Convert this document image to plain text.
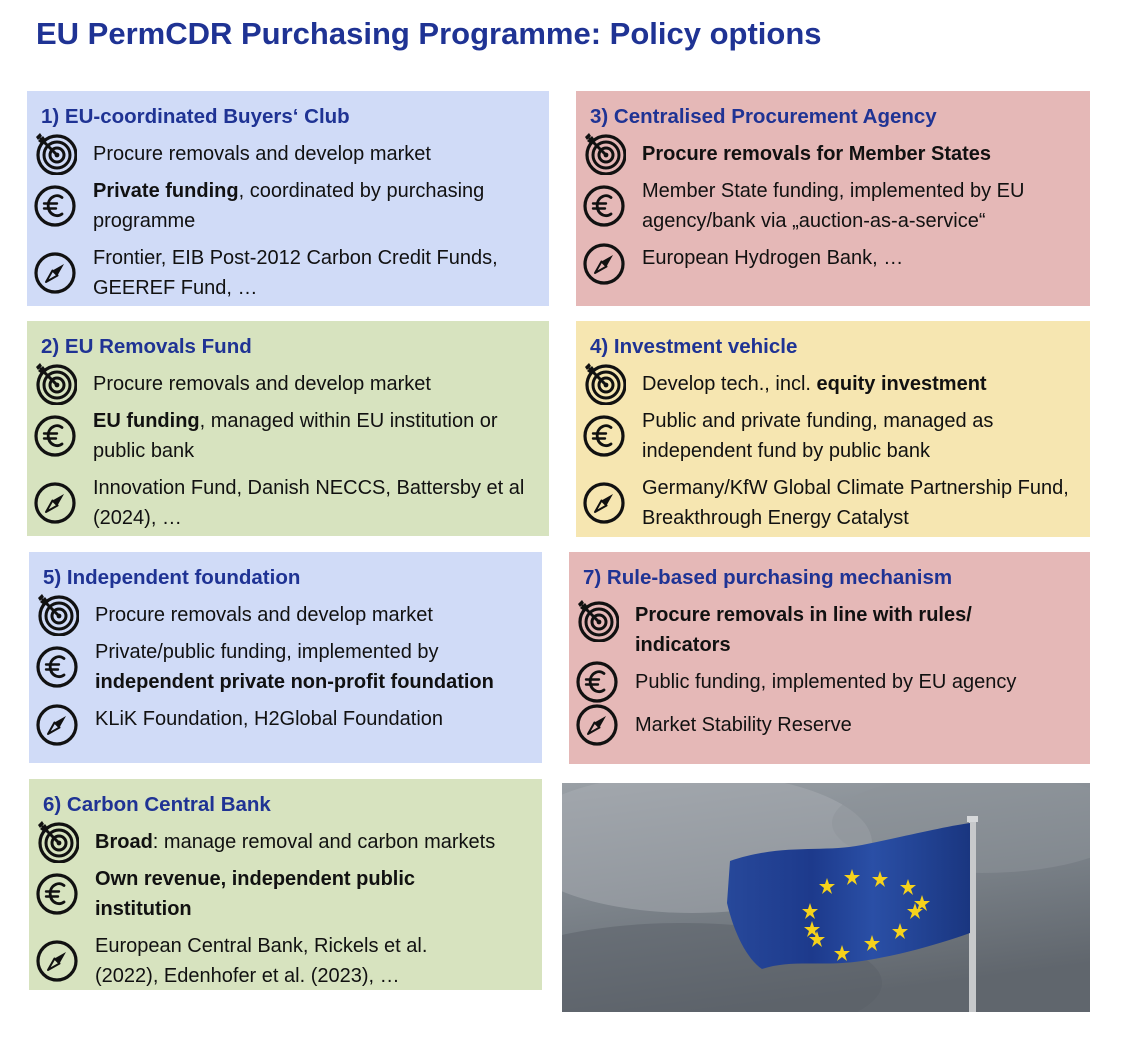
EU PermCDR Purchasing Programme: Policy options
1) EU-coordinated Buyers‘ Club
Procure removals and develop market
Private funding, coordinated by purchasing programme
Frontier, EIB Post-2012 Carbon Credit Funds, GEEREF Fund, …
3) Centralised Procurement Agency
Procure removals for Member States
Member State funding, implemented by EU agency/bank via „auction-as-a-service“
European Hydrogen Bank, …
2) EU Removals Fund
Procure removals and develop market
EU funding, managed within EU institution or public bank
Innovation Fund, Danish NECCS, Battersby et al (2024), …
4) Investment vehicle
Develop tech., incl. equity investment
Public and private funding, managed as independent fund by public bank
Germany/KfW Global Climate Partnership Fund, Breakthrough Energy Catalyst
5) Independent foundation
Procure removals and develop market
Private/public funding, implemented by independent private non-profit foundation
KLiK Foundation, H2Global Foundation
7) Rule-based purchasing mechanism
Procure removals in line with rules/ indicators
Public funding, implemented by EU agency
Market Stability Reserve
6) Carbon Central Bank
Broad: manage removal and carbon markets
Own revenue, independent public institution
European Central Bank, Rickels et al. (2022), Edenhofer et al. (2023), …
